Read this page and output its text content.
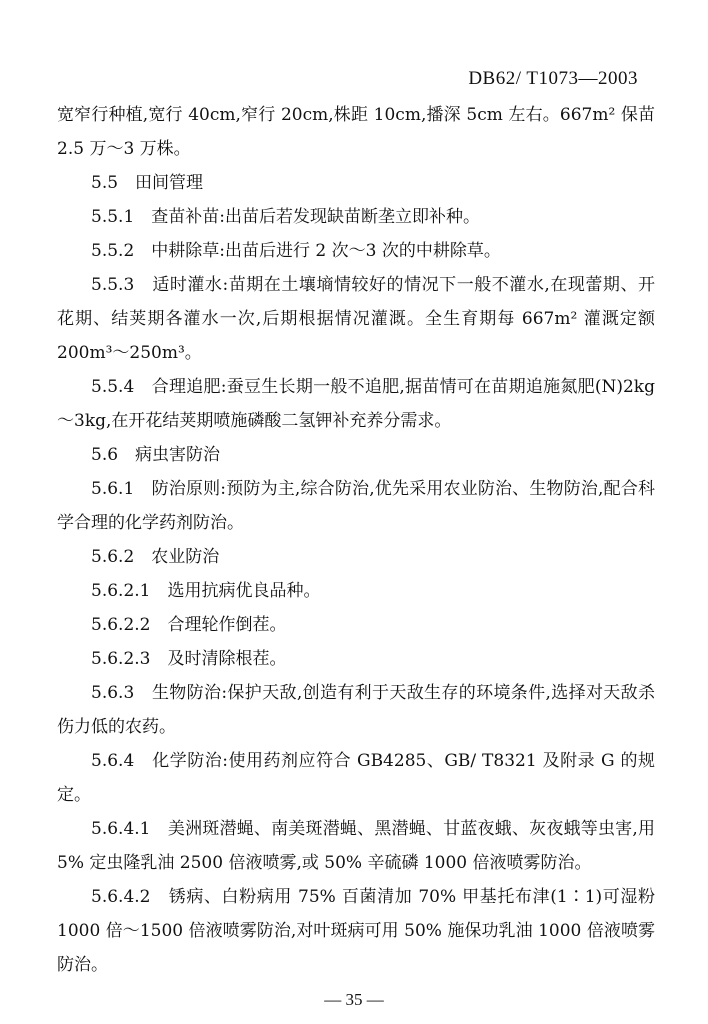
DB62/ T1073—2003

宽窄行种植,宽行 40cm,窄行 20cm,株距 10cm,播深 5cm 左右。667m² 保苗 2.5 万～3 万株。

5.5　田间管理

5.5.1　查苗补苗:出苗后若发现缺苗断垄立即补种。

5.5.2　中耕除草:出苗后进行 2 次～3 次的中耕除草。

5.5.3　适时灌水:苗期在土壤墒情较好的情况下一般不灌水,在现蕾期、开花期、结荚期各灌水一次,后期根据情况灌溉。全生育期每 667m² 灌溉定额 200m³～250m³。

5.5.4　合理追肥:蚕豆生长期一般不追肥,据苗情可在苗期追施氮肥(N)2kg～3kg,在开花结荚期喷施磷酸二氢钾补充养分需求。

5.6　病虫害防治

5.6.1　防治原则:预防为主,综合防治,优先采用农业防治、生物防治,配合科学合理的化学药剂防治。

5.6.2　农业防治

5.6.2.1　选用抗病优良品种。

5.6.2.2　合理轮作倒茬。

5.6.2.3　及时清除根茬。

5.6.3　生物防治:保护天敌,创造有利于天敌生存的环境条件,选择对天敌杀伤力低的农药。

5.6.4　化学防治:使用药剂应符合 GB4285、GB/ T8321 及附录 G 的规定。

5.6.4.1　美洲斑潜蝇、南美斑潜蝇、黑潜蝇、甘蓝夜蛾、灰夜蛾等虫害,用 5% 定虫隆乳油 2500 倍液喷雾,或 50% 辛硫磷 1000 倍液喷雾防治。

5.6.4.2　锈病、白粉病用 75% 百菌清加 70% 甲基托布津(1∶1)可湿粉 1000 倍～1500 倍液喷雾防治,对叶斑病可用 50% 施保功乳油 1000 倍液喷雾防治。

— 35 —
